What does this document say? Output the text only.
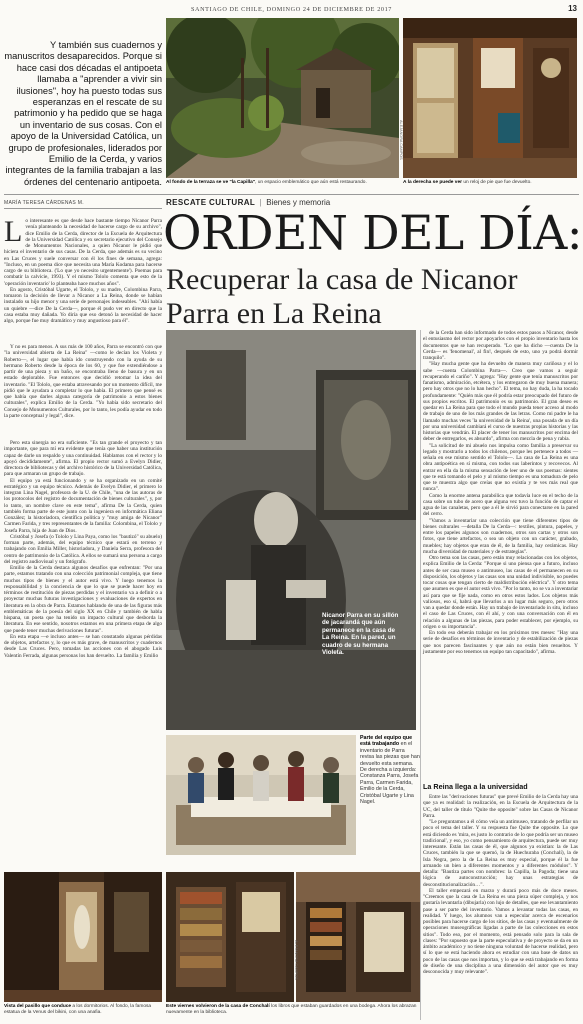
SANTIAGO DE CHILE, DOMINGO 24 DE DICIEMBRE DE 2017	13
Y también sus cuadernos y manuscritos desaparecidos. Porque si hace casi dos décadas el antipoeta llamaba a "aprender a vivir sin ilusiones", hoy ha puesto todas sus esperanzas en el rescate de su patrimonio y ha pedido que se haga un inventario de sus cosas. Con el apoyo de la Universidad Católica, un grupo de profesionales, liderados por Emilio de la Cerda, y varios integrantes de la familia trabajan a las órdenes del centenario antipoeta. Al fondo de la terraza se ve "la Capilla", un espacio emblemático que aún está restaurando.
ALEJANDRA CAMPOS
A la derecha se puede ver un reloj de pie que fue devuelto.
MARÍA TERESA CÁRDENAS M.	RESCATE CULTURAL  |  Bienes y memoria
ORDEN DEL DÍA:
Recuperar la casa de Nicanor Parra en La Reina
L o interesante es que desde hace bastante tiempo Nicanor Parra venía planteando la necesidad de hacerse cargo de su archivo", dice Emilio de la Cerda, director de la Escuela de Arquitectura de la Universidad Católica y ex secretario ejecutivo del Consejo de Monumentos Nacionales, a quien Nicanor le pidió que hiciera el inventario de sus casas. De la Cerda, que además es su vecino en Las Cruces y suele conversar con él los fines de semana, agrega: "Incluso, en un poema dice que necesita una María Kodama para hacerse cargo de su biblioteca. ('Lo que yo necesito urgentemente'). Poemas para combatir la calvicie, 1993). Y el mismo Tololo comenta que esto de la 'operación inventario' lo planteaba hace muchos años".

En agosto, Cristóbal Ugarte, el Tololo, y su madre, Colombina Parra, tomaron la decisión de llevar a Nicanor a La Reina, donde se habían instalado su hijo menor y una serie de personajes indeseables. "Ahí había un quiebre —dice De la Cerda—, porque él pudo ver en directo que la casa estaba muy dañada. Yo diría que eso detonó la necesidad de hacer algo, porque fue muy dramático y muy angustioso para él".

Y no es para menos. A sus más de 100 años, Parra se encontró con que "la universidad abierta de La Reina" —como le decían los Violeta y Roberto—, el lugar que había ido construyendo con la ayuda de su hermano Roberto desde la época de los 60, y que fue extendiéndose a partir de una pieza y un baño, se encontraba lleno de basura y en un estado deplorable. Fue entonces que decidió retomar la idea del inventario. "El Tololo, que estaba atravesando por un momento difícil, me pidió que le ayudara a completar lo que había. El primero que pensé es que había que darles alguna categoría de patrimonio a estos bienes culturales", explica Emilio de la Cerda. "Yo había sido secretario del Consejo de Monumentos Culturales, por lo tanto, les podía ayudar en todo la parte conceptual y legal", dice.

Nicanor Parra en su sillón de jacarandá que aún permanece en la casa de La Reina. En la pared, un cuadro de su hermana Violeta.

Pero esta sinergia no era suficiente. "Es tan grande el proyecto y tan importante, que para mí era evidente que tenía que haber una institución capaz de darle un respaldo y una continuidad. Hablamos con el rector y lo apoyó decididamente", afirma. El propio rector sumó a Evelyn Didier, directora de bibliotecas y del archivo histórico de la Universidad Católica, para que armaran un grupo de trabajo.

El equipo ya está funcionando y se ha organizado en un comité estratégico y un equipo técnico. Además de Evelyn Didier, el primero lo integran Lina Nagel, profesora de la U. de Chile, "una de las autoras de los protocolos del registro de documentación de bienes culturales", y, por lo tanto, un nombre clave en este tema", afirma De la Cerda, quien también forma parte de este junto con la ingeniera en informática Eliana González; la historiadora, científica política y "muy amiga de Nicanor" Carmen Farida, y tres representantes de la familia: Colombina, el Tololo y Josefa Parra, hija de Juan de Dios.

Cristóbal y Josefa (o Tololo y Lina Paya, como los "bautizó" su abuelo) forman parte, además, del equipo técnico que estará en terreno y trabajando con Emilia Miller, historiadora, y Daniela Serra, profesora del centro de patrimonio de la Católica. A ellos se sumará una persona a cargo del registro audiovisual y un fotógrafo.

Emilio de la Cerda destaca algunos desafíos que enfrentan: "Por una parte, estamos tratando con una colección patrimonial compleja, que tiene muchos tipos de bienes y el autor está vivo. Y luego tenemos la responsabilidad y la conciencia de que lo que se puede hacer hoy en términos de restitución de piezas perdidas y el inventario va a definir o a proyectar muchas futuras investigaciones y evaluaciones de expertos en literatura en la obra de Parra. Estamos hablando de una de las figuras más emblemáticas de la poesía del siglo XX en Chile y también de habla hispana, un poeta que ha tenido un impacto cultural que desborda la literatura. En ese sentido, nosotros estamos en una primera etapa de algo que puede tener muchas derivaciones futuras".

En esta etapa —e incluso antes— se han constatado algunas pérdidas de objetos, artefactos y, lo que es más grave, de manuscritos y cuadernos desde Las Cruces. Pero, tomadas las acciones con el abogado Luis Valentín Ferrada, algunas personas los han devuelto. La familia y Emilio

de la Cerda han sido informado de todos estos pasos a Nicanor, desde el entusiasmo del rector por apoyarlos con el propio inventario hasta los documentos que se han recuperado. "Lo que ha dicho —cuenta De la Cerda— es 'fenomenal', al fin!, después de esto, uno ya podrá dormir tranquilo".

"Hay mucha gente que ha devuelto de manera muy cariñosa y el lo sabe —cuenta Colombina Parra—. Creo que vamos a seguir recuperando el cariño". Y agrega: "Hay gente que tenía manuscritos por fanatismo, admiración, etcétera, y los entregaron de muy buena manera; pero hay otros que no lo han hecho". El tema, no hay duda, la ha tocado profundamente: "Quién más que él podría estar preocupado del futuro de sus propios escritos. El patrimonio es su patrimonio. El gran deseo es quedar en La Reina para que todo el mundo pueda tener acceso al modo de trabajo de uno de los más grandes de las letras. Como mi padre le ha llamado muchas veces 'la universidad de la Reina', una posada de un día por una universidad cambiará el curso de nuestras propias historias y las historias que vendrán. El placer de tener los manuscritos por encima del deber de entregarlos, es absurdo", afirma con mezcla de pena y rabia.

"La solicitud de mi abuelo nos impulsa como familia a preservar su legado y mostrarlo a todos los chilenos, porque les pertenece a todos —señala en ese mismo sentido el Tololo—. La casa de La Reina es una obra antipoética en sí misma, con todos sus laberintos y recovecos. Al entrar en ella da la misma sensación de leer uno de sus poemas: sientes que te está tomando el pelo y al mismo tiempo es una tomadura de pelo que te muestra algo que creías que no existía y te ves más real que nunca".

Como la enorme antena parabólica que todavía luce en el techo de la casa sobre un tubo de acero que alguna vez tuvo la función de captar el agua de las canaletas, pero que a él le sirvió para conectarse en la pared del cerro.

"Vamos a inventariar una colección que tiene diferentes tipos de bienes culturales —detalla De la Cerda—: textiles, pintura, papeles, y entre los papeles algunos son cuadernos, otros son cartas y otros son fotos, que tiene artefactos, o sea un objeto con un carácter, grabado, muebles; hay objetos que eran de él, de la familia, hay cerámicas. Hay mucha diversidad de materiales y de estrategias".

Otro tema son las casas, pero están muy relacionadas con los objetos, explica Emilio de la Cerda: "Porque si uno piensa que a futuro, incluso antes de ser casa museo o antimuseo, las casas de el permanecen en su disposición, los objetos y las casas son una unidad indivisible, no puedes tocar cosas que tengan cierto de maldistribución eléctrica". Y otro tema que asumen es que el autor está vivo. "Por lo tanto, no se va a inventariar así para que se fije nada, como en otros estos lados. Los objetos más valiosos, eso sí, habrá que llevarlos a un lugar más seguro, pero otros van a quedar donde están. Hay un trabajo de inventariado in situ, incluso el caso de Las Cruces, con él ahí, y con una conversación con él en relación a algunas de las piezas, para poder establecer, por ejemplo, su origen o su importancia".

En todo eso deberán trabajar en los próximos tres meses: "Hay una serie de desafíos en términos de inventario y de estabilización de piezas que nos parecen fascinantes y que aún no están bien resueltos. Y justamente por eso tenemos un equipo tan capacitado", afirma.

La Reina llega a la universidad

Entre las "derivaciones futuras" que prevé Emilio de la Cerda hay una que ya es realidad: la realización, en la Escuela de Arquitectura de la UC, del taller de título "Quite the opposite" sobre las Casas de Nicanor Parra.

"Le preguntamos a él cómo veía un antimuseo, tratando de perfilar un poco el tema del taller. Y su respuesta fue Quite the opposite. Lo que está diciendo es 'mira, es justo lo contrario de lo que podría ser un museo tradicional', y eso, yo como pensamiento de arquitectura, puede ser muy interesante. Están las casas de él, que algunos ya existían: la de Las Cruces, también la que se quemó, la de Huechuraba (Conchalí), la de Isla Negra, pero la de La Reina es muy especial, porque él la fue armando un bien a diferentes momentos y a diferentes módulos". Y detalla: "Bautiza partes con nombres: la Capilla, la Pagoda; tiene una lógica de autoconstrucción; hay unas estrategias de desconstitucionalización…".

El taller empezará en marzo y durará poco más de doce meses. "Creemos que la casa de La Reina es una pieza súper compleja, y nos gustaría levantarla (dibujarla) con lujo de detalles, que ese levantamiento pase a ser parte del inventario. Vamos a levantar todas las casas, en realidad. Y luego, los alumnos van a especular acerca de escenarios posibles para hacerse cargo de los sitios, de las casas y eventualmente de operaciones museográficas ligadas a parte de las colecciones en estos sitios". Todo eso, por el momento, está pensado solo para la sala de clases: "Por supuesto que la parte especulativa y de proyecto se da en un ámbito académico y no tiene ninguna voluntad de hacerse realidad, pero sí lo que se está haciendo ahora es estudiar con una base de datos un poco de las casas que nos importan, y lo que se está trabajando en forma de diseño de una disciplina a una dimensión del autor que es muy desconocida y muy relevante".

Parte del equipo que está trabajando en el inventario de Parra revisa las piezas que han devuelto esta semana. De derecha a izquierda: Constanza Parra, Josefa Parra, Carmen Farida, Emilio de la Cerda, Cristóbal Ugarte y Lina Nagel.
Vista del pasillo que conduce a los dormitorios. Al fondo, la famosa estatua de la Venus del bikini, con una anafia.
ALEJANDRA CAMPOS
Este viernes volvieron de la casa de Conchalí los libros que estaban guardados en una bodega. Ahora los abrazan nuevamente en la biblioteca.
